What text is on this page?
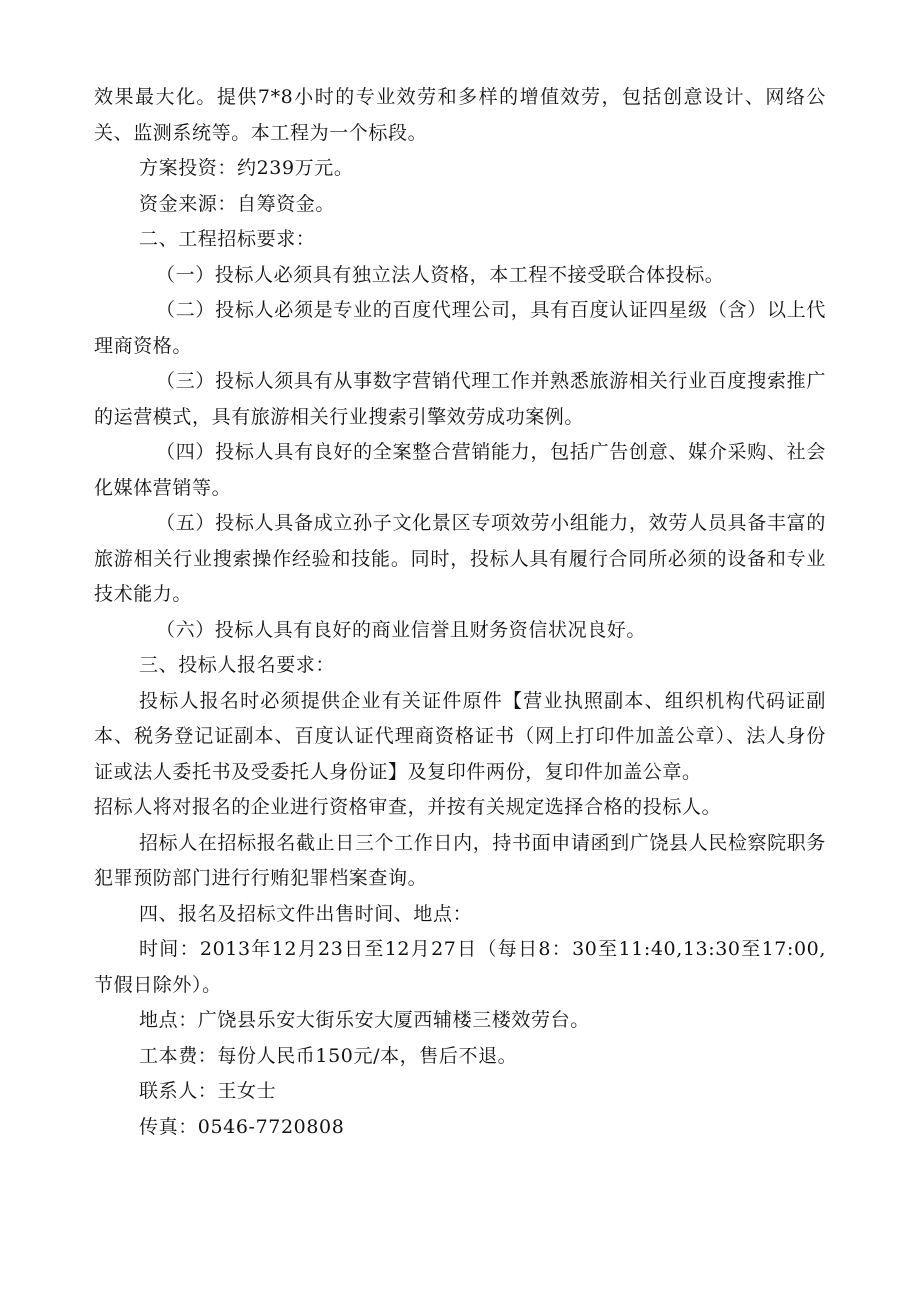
效果最大化。提供7*8小时的专业效劳和多样的增值效劳，包括创意设计、网络公关、监测系统等。本工程为一个标段。

方案投资：约239万元。

资金来源：自筹资金。

二、工程招标要求：

（一）投标人必须具有独立法人资格，本工程不接受联合体投标。

（二）投标人必须是专业的百度代理公司，具有百度认证四星级（含）以上代理商资格。

（三）投标人须具有从事数字营销代理工作并熟悉旅游相关行业百度搜索推广的运营模式，具有旅游相关行业搜索引擎效劳成功案例。

（四）投标人具有良好的全案整合营销能力，包括广告创意、媒介采购、社会化媒体营销等。

（五）投标人具备成立孙子文化景区专项效劳小组能力，效劳人员具备丰富的旅游相关行业搜索操作经验和技能。同时，投标人具有履行合同所必须的设备和专业技术能力。

（六）投标人具有良好的商业信誉且财务资信状况良好。

三、投标人报名要求：

投标人报名时必须提供企业有关证件原件【营业执照副本、组织机构代码证副本、税务登记证副本、百度认证代理商资格证书（网上打印件加盖公章）、法人身份证或法人委托书及受委托人身份证】及复印件两份，复印件加盖公章。

招标人将对报名的企业进行资格审查，并按有关规定选择合格的投标人。

招标人在招标报名截止日三个工作日内，持书面申请函到广饶县人民检察院职务犯罪预防部门进行行贿犯罪档案查询。

四、报名及招标文件出售时间、地点：

时间：2013年12月23日至12月27日（每日8：30至11:40,13:30至17:00,节假日除外）。

地点：广饶县乐安大街乐安大厦西辅楼三楼效劳台。

工本费：每份人民币150元/本，售后不退。

联系人：王女士

传真：0546-7720808
